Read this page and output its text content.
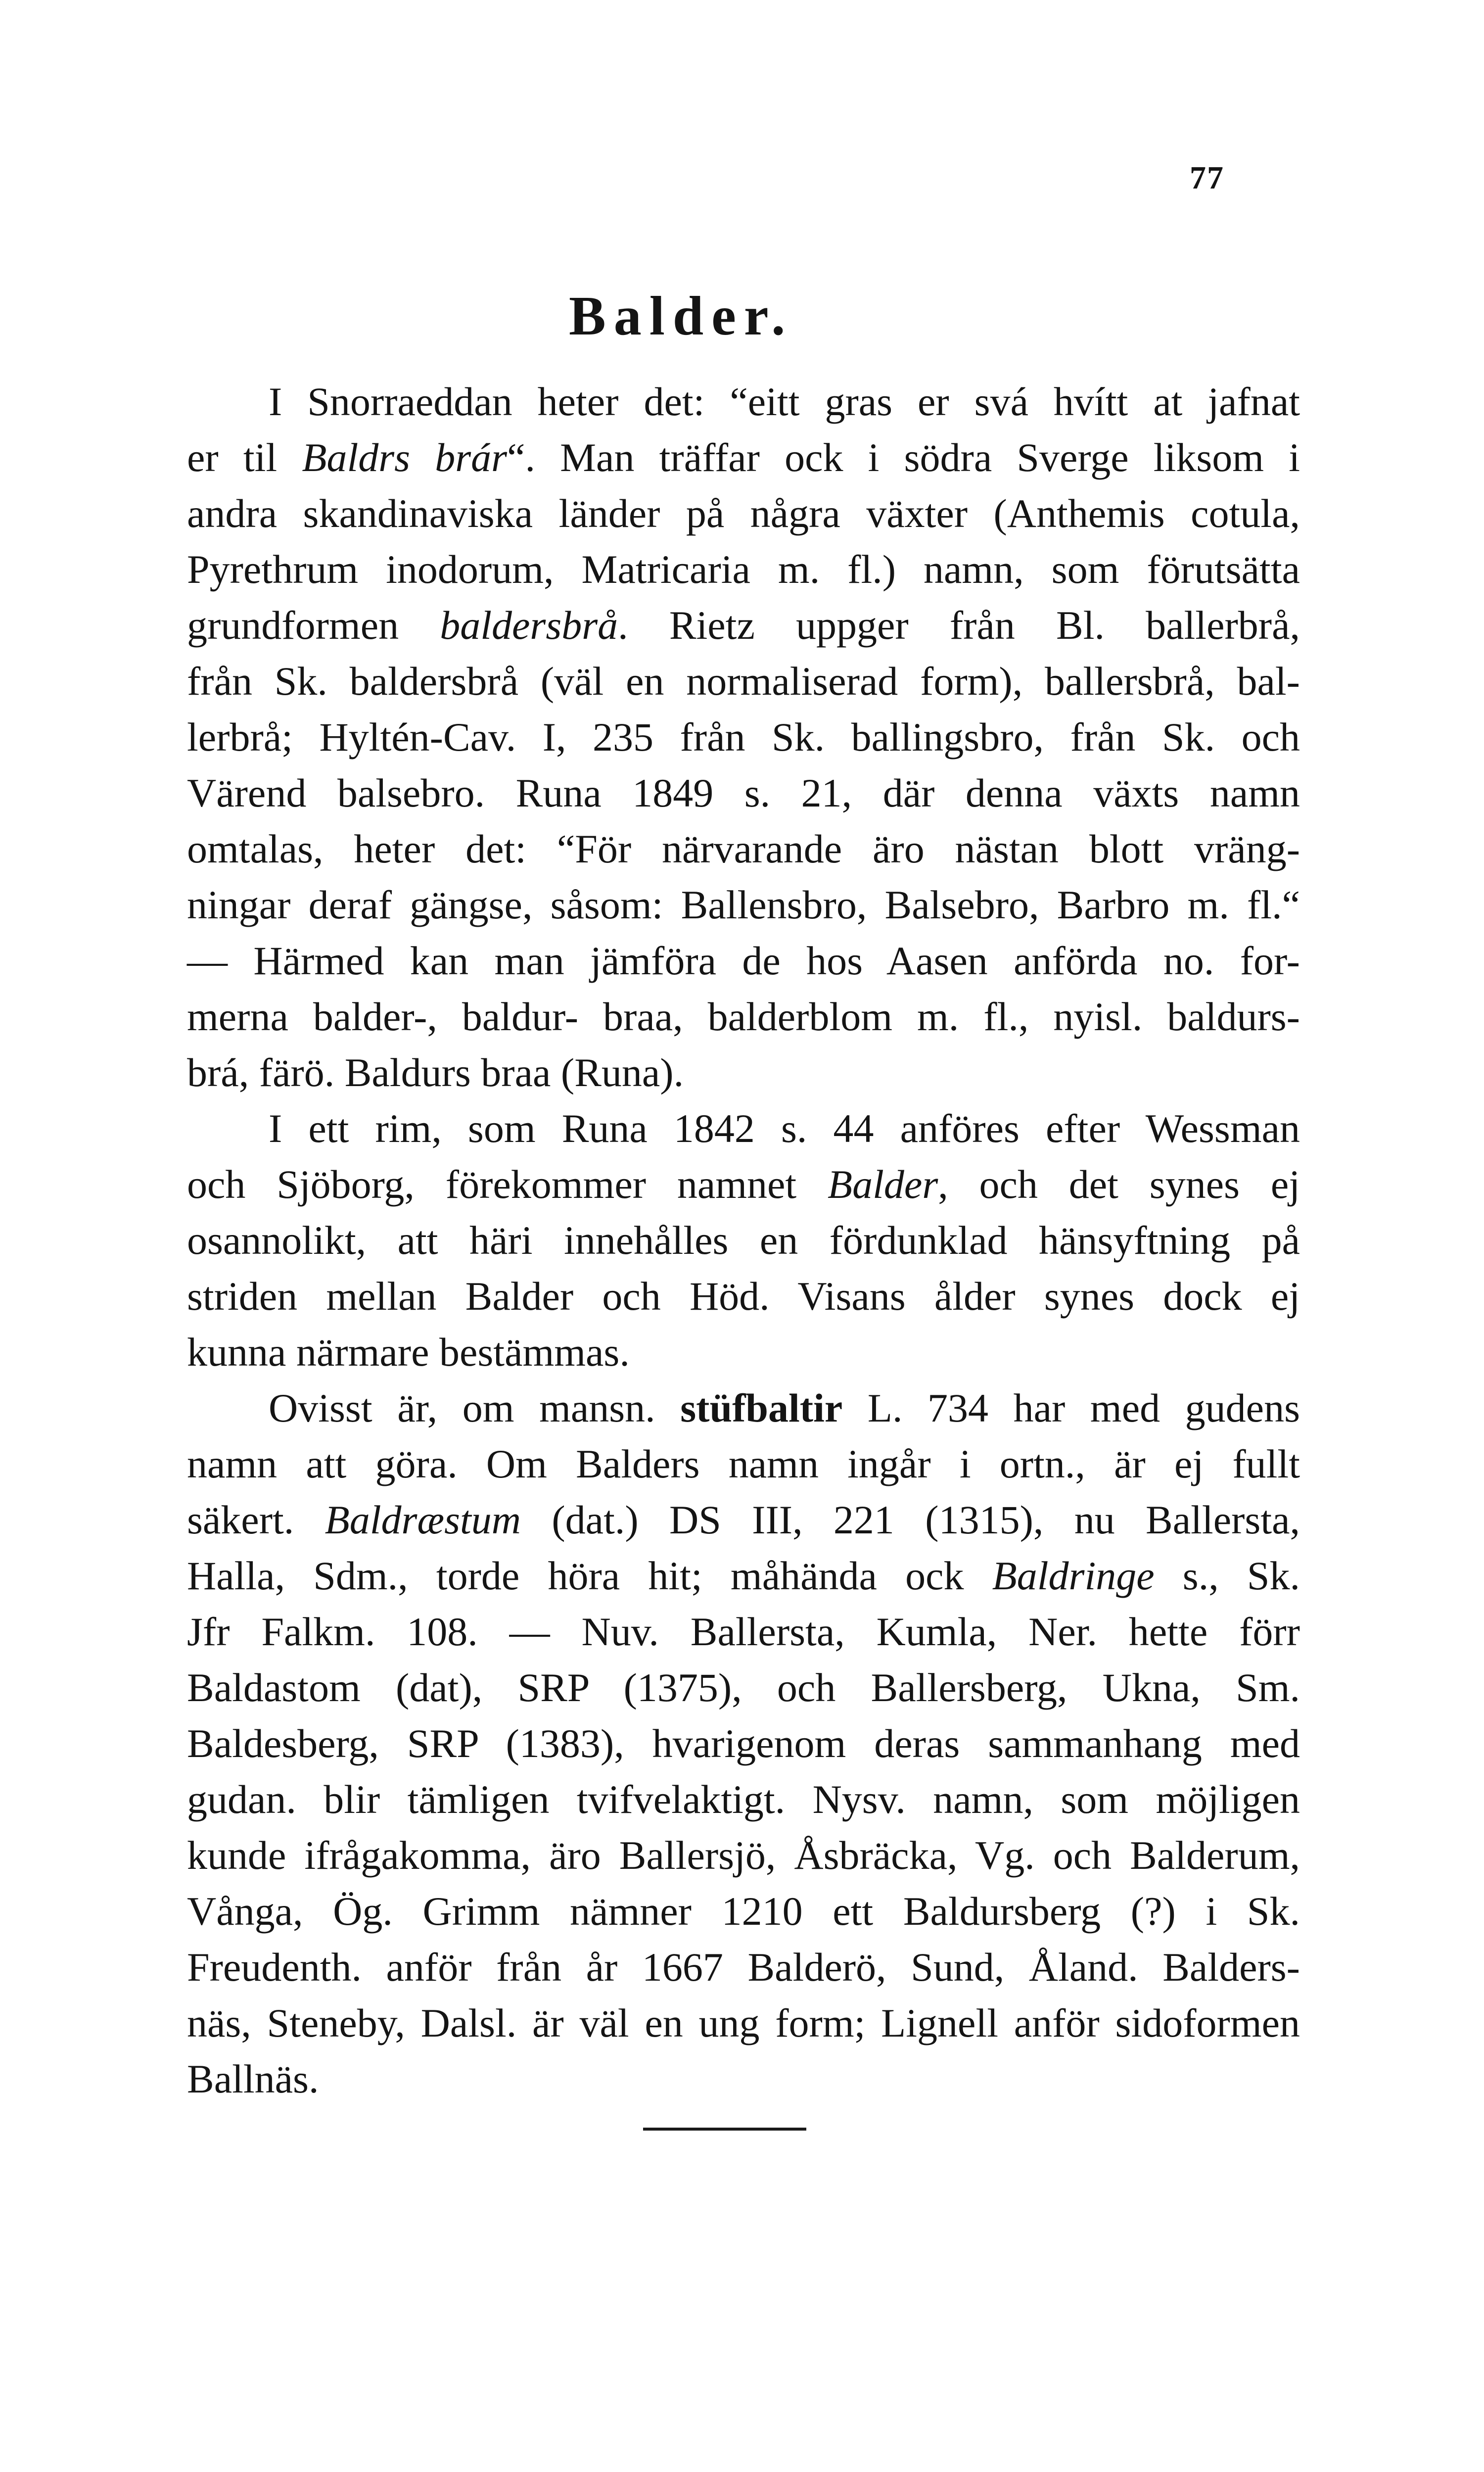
77
Balder.
I Snorraeddan heter det: “eitt gras er svá hvítt at jafnat
er til Baldrs brár“. Man träffar ock i södra Sverge liksom i
andra skandinaviska länder på några växter (Anthemis cotula,
Pyrethrum inodorum, Matricaria m. fl.) namn, som förutsätta
grundformen baldersbrå. Rietz uppger från Bl. ballerbrå,
från Sk. baldersbrå (väl en normaliserad form), ballersbrå, bal-
lerbrå; Hyltén-Cav. I, 235 från Sk. ballingsbro, från Sk. och
Värend balsebro. Runa 1849 s. 21, där denna växts namn
omtalas, heter det: “För närvarande äro nästan blott vräng-
ningar deraf gängse, såsom: Ballensbro, Balsebro, Barbro m. fl.“
— Härmed kan man jämföra de hos Aasen anförda no. for-
merna balder-, baldur- braa, balderblom m. fl., nyisl. baldurs-
brá, färö. Baldurs braa (Runa).
I ett rim, som Runa 1842 s. 44 anföres efter Wessman
och Sjöborg, förekommer namnet Balder, och det synes ej
osannolikt, att häri innehålles en fördunklad hänsyftning på
striden mellan Balder och Höd. Visans ålder synes dock ej
kunna närmare bestämmas.
Ovisst är, om mansn. stüfbaltir L. 734 har med gudens
namn att göra. Om Balders namn ingår i ortn., är ej fullt
säkert. Baldræstum (dat.) DS III, 221 (1315), nu Ballersta,
Halla, Sdm., torde höra hit; måhända ock Baldringe s., Sk.
Jfr Falkm. 108. — Nuv. Ballersta, Kumla, Ner. hette förr
Baldastom (dat), SRP (1375), och Ballersberg, Ukna, Sm.
Baldesberg, SRP (1383), hvarigenom deras sammanhang med
gudan. blir tämligen tvifvelaktigt. Nysv. namn, som möjligen
kunde ifrågakomma, äro Ballersjö, Åsbräcka, Vg. och Balderum,
Vånga, Ög. Grimm nämner 1210 ett Baldursberg (?) i Sk.
Freudenth. anför från år 1667 Balderö, Sund, Åland. Balders-
näs, Steneby, Dalsl. är väl en ung form; Lignell anför sidoformen
Ballnäs.
